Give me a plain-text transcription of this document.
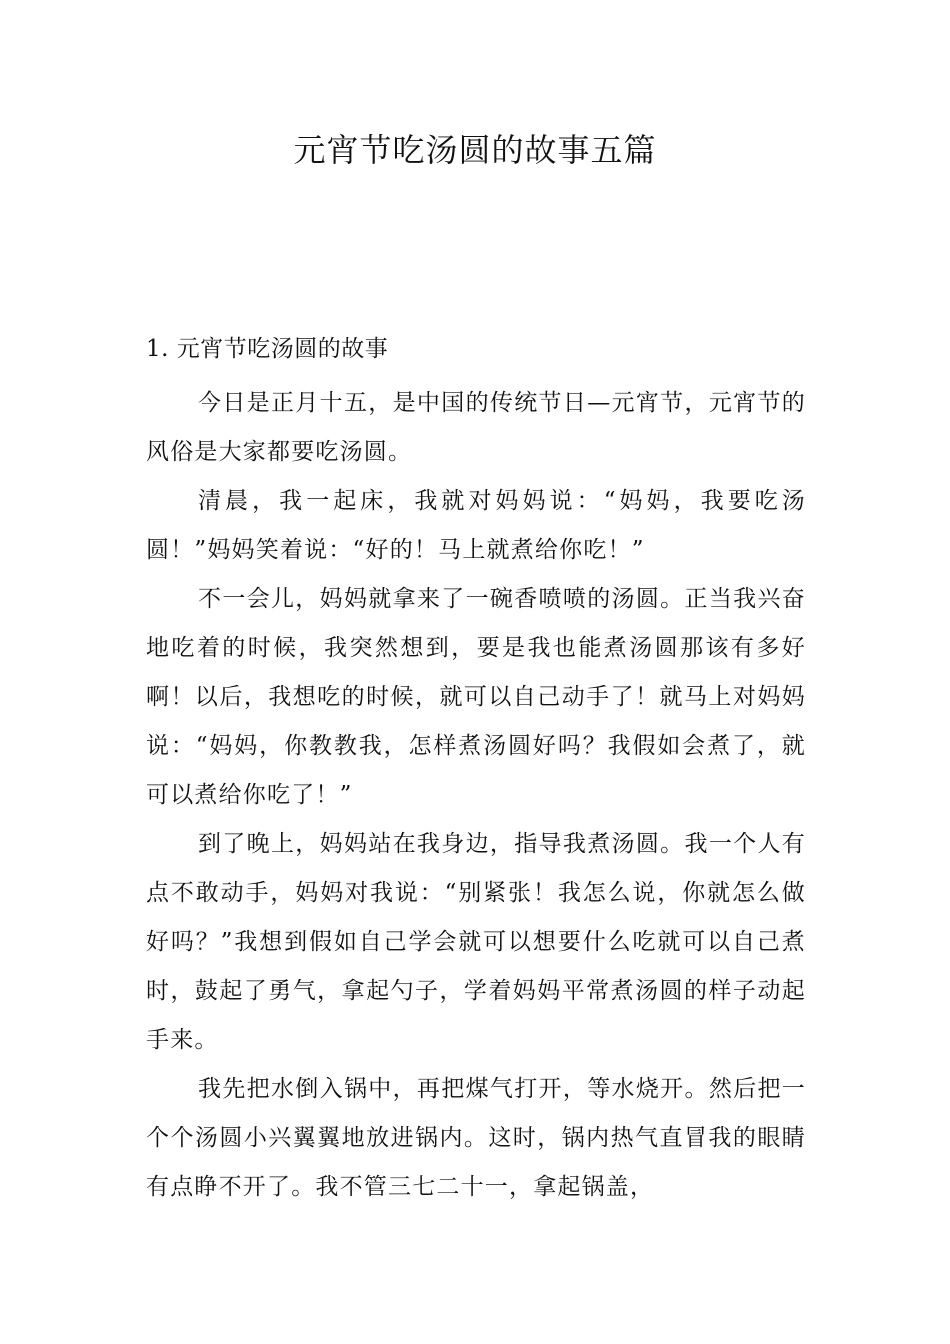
元宵节吃汤圆的故事五篇
1. 元宵节吃汤圆的故事

今日是正月十五，是中国的传统节日—元宵节，元宵节的风俗是大家都要吃汤圆。

清晨，我一起床，我就对妈妈说：“妈妈，我要吃汤圆！”妈妈笑着说：“好的！马上就煮给你吃！”

不一会儿，妈妈就拿来了一碗香喷喷的汤圆。正当我兴奋地吃着的时候，我突然想到，要是我也能煮汤圆那该有多好啊！以后，我想吃的时候，就可以自己动手了！就马上对妈妈说：“妈妈，你教教我，怎样煮汤圆好吗？我假如会煮了，就可以煮给你吃了！”

到了晚上，妈妈站在我身边，指导我煮汤圆。我一个人有点不敢动手，妈妈对我说：“别紧张！我怎么说，你就怎么做好吗？”我想到假如自己学会就可以想要什么吃就可以自己煮时，鼓起了勇气，拿起勺子，学着妈妈平常煮汤圆的样子动起手来。

我先把水倒入锅中，再把煤气打开，等水烧开。然后把一个个汤圆小兴翼翼地放进锅内。这时，锅内热气直冒我的眼睛有点睁不开了。我不管三七二十一，拿起锅盖，
